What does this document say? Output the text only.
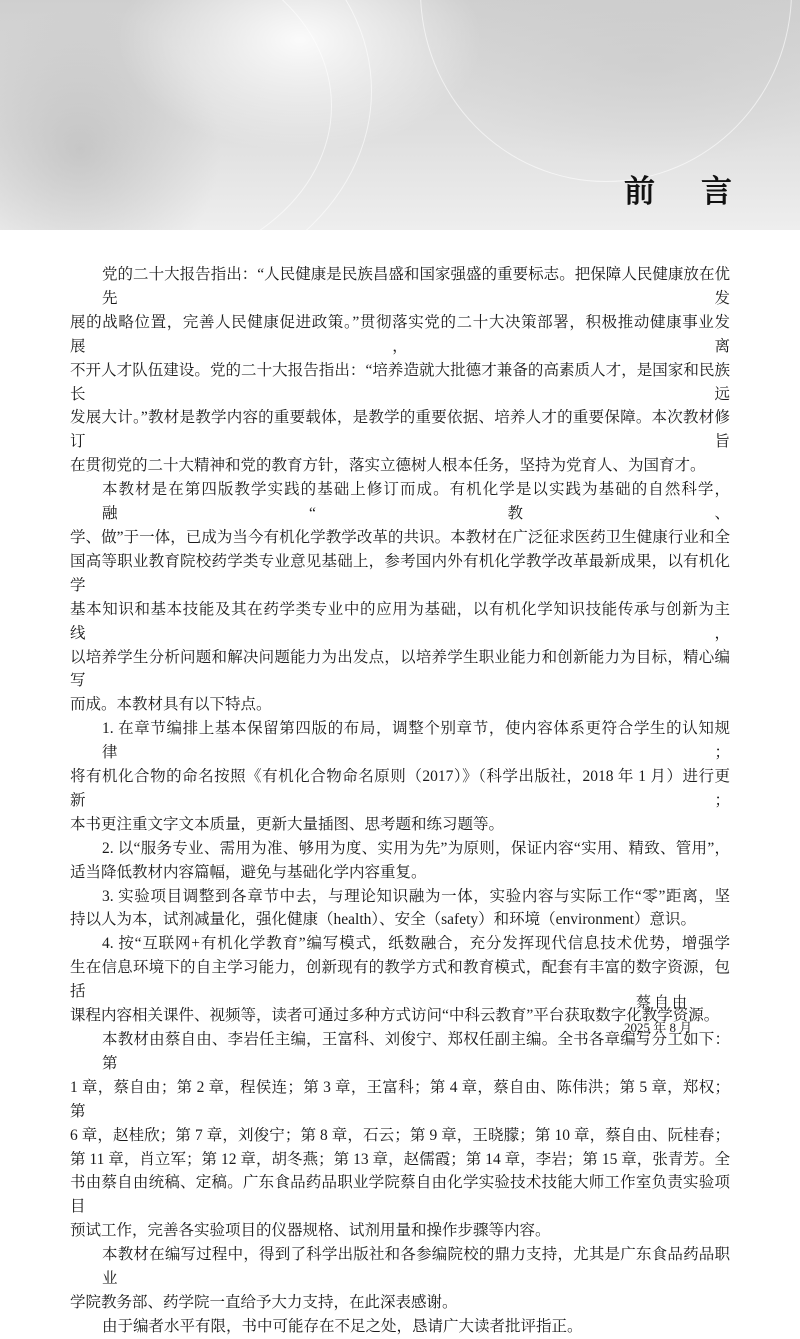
前言
党的二十大报告指出：“人民健康是民族昌盛和国家强盛的重要标志。把保障人民健康放在优先发
展的战略位置，完善人民健康促进政策。”贯彻落实党的二十大决策部署，积极推动健康事业发展，离
不开人才队伍建设。党的二十大报告指出：“培养造就大批德才兼备的高素质人才，是国家和民族长远
发展大计。”教材是教学内容的重要载体，是教学的重要依据、培养人才的重要保障。本次教材修订旨
在贯彻党的二十大精神和党的教育方针，落实立德树人根本任务，坚持为党育人、为国育才。
本教材是在第四版教学实践的基础上修订而成。有机化学是以实践为基础的自然科学，融“教、
学、做”于一体，已成为当今有机化学教学改革的共识。本教材在广泛征求医药卫生健康行业和全
国高等职业教育院校药学类专业意见基础上，参考国内外有机化学教学改革最新成果，以有机化学
基本知识和基本技能及其在药学类专业中的应用为基础，以有机化学知识技能传承与创新为主线，
以培养学生分析问题和解决问题能力为出发点，以培养学生职业能力和创新能力为目标，精心编写
而成。本教材具有以下特点。
1. 在章节编排上基本保留第四版的布局，调整个别章节，使内容体系更符合学生的认知规律；
将有机化合物的命名按照《有机化合物命名原则（2017）》（科学出版社，2018 年 1 月）进行更新；
本书更注重文字文本质量，更新大量插图、思考题和练习题等。
2. 以“服务专业、需用为准、够用为度、实用为先”为原则，保证内容“实用、精致、管用”，
适当降低教材内容篇幅，避免与基础化学内容重复。
3. 实验项目调整到各章节中去，与理论知识融为一体，实验内容与实际工作“零”距离，坚
持以人为本，试剂减量化，强化健康（health）、安全（safety）和环境（environment）意识。
4. 按“互联网+有机化学教育”编写模式，纸数融合，充分发挥现代信息技术优势，增强学
生在信息环境下的自主学习能力，创新现有的教学方式和教育模式，配套有丰富的数字资源，包括
课程内容相关课件、视频等，读者可通过多种方式访问“中科云教育”平台获取数字化教学资源。
本教材由蔡自由、李岩任主编，王富科、刘俊宁、郑权任副主编。全书各章编写分工如下：第
1 章，蔡自由；第 2 章，程侯连；第 3 章，王富科；第 4 章，蔡自由、陈伟洪；第 5 章，郑权；第
6 章，赵桂欣；第 7 章，刘俊宁；第 8 章，石云；第 9 章，王晓朦；第 10 章，蔡自由、阮桂春；
第 11 章，肖立军；第 12 章，胡冬燕；第 13 章，赵儒霞；第 14 章，李岩；第 15 章，张青芳。全
书由蔡自由统稿、定稿。广东食品药品职业学院蔡自由化学实验技术技能大师工作室负责实验项目
预试工作，完善各实验项目的仪器规格、试剂用量和操作步骤等内容。
本教材在编写过程中，得到了科学出版社和各参编院校的鼎力支持，尤其是广东食品药品职业
学院教务部、药学院一直给予大力支持，在此深表感谢。
由于编者水平有限，书中可能存在不足之处，恳请广大读者批评指正。
蔡自由
2025 年 8 月
